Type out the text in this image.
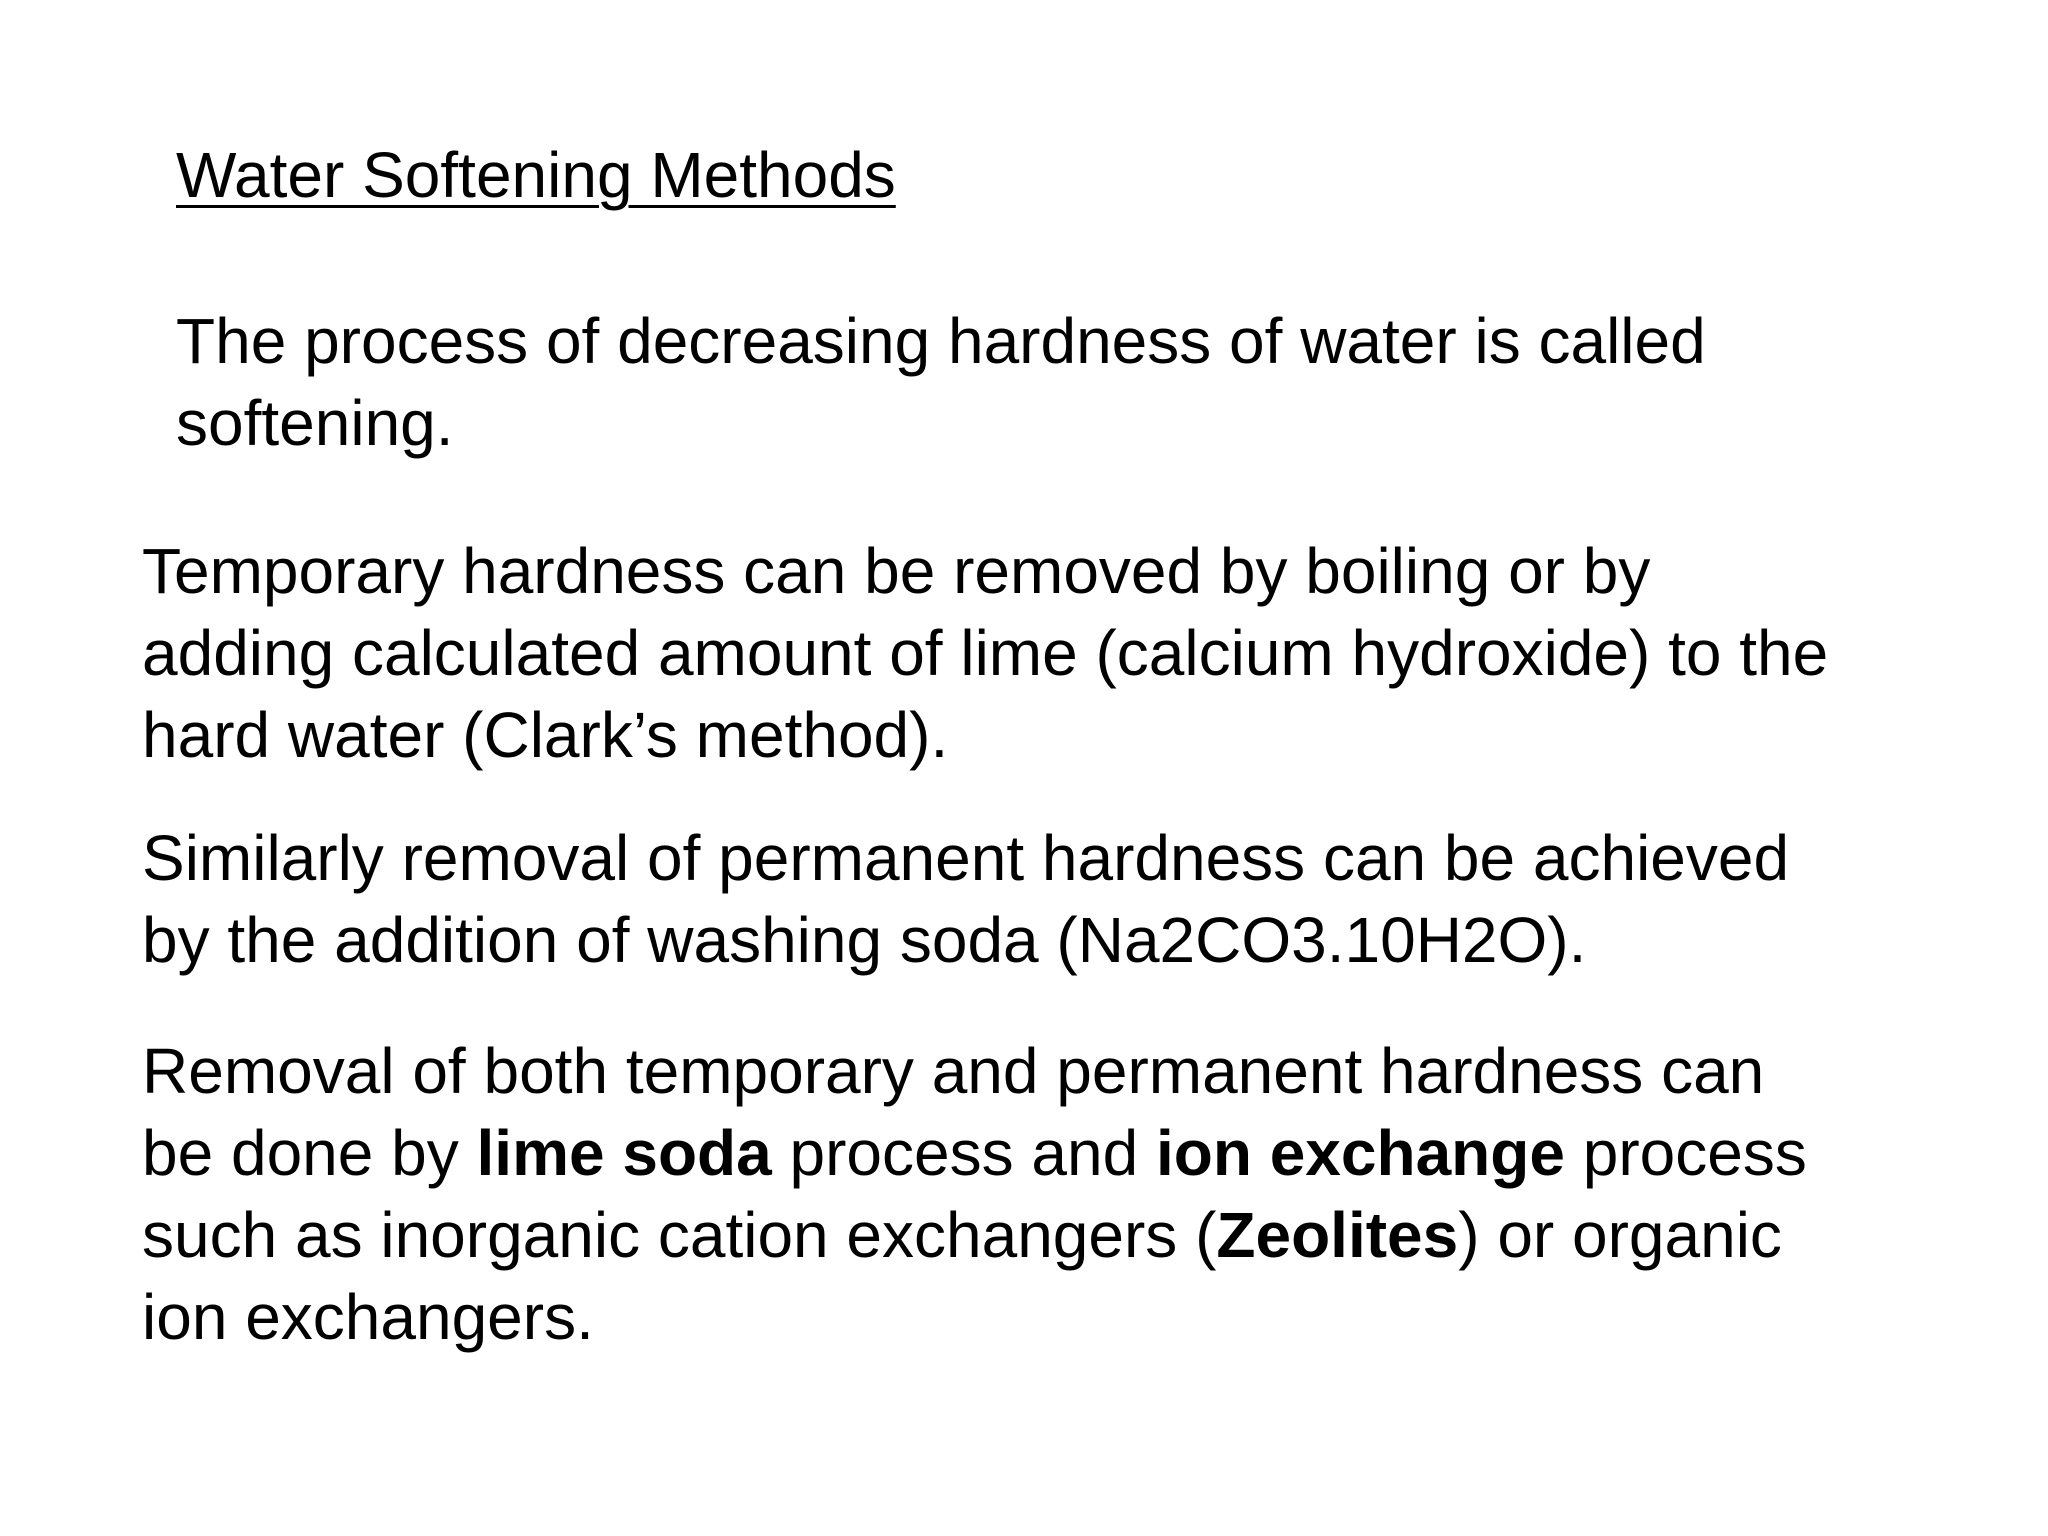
Water Softening Methods

The process of decreasing hardness of water is called
softening.

Temporary hardness can be removed by boiling or by
adding calculated amount of lime (calcium hydroxide) to the
hard water (Clark’s method).

Similarly removal of permanent hardness can be achieved
by the addition of washing soda (Na2CO3.10H2O).

Removal of both temporary and permanent hardness can
be done by lime soda process and ion exchange process
such as inorganic cation exchangers (Zeolites) or organic
ion exchangers.
